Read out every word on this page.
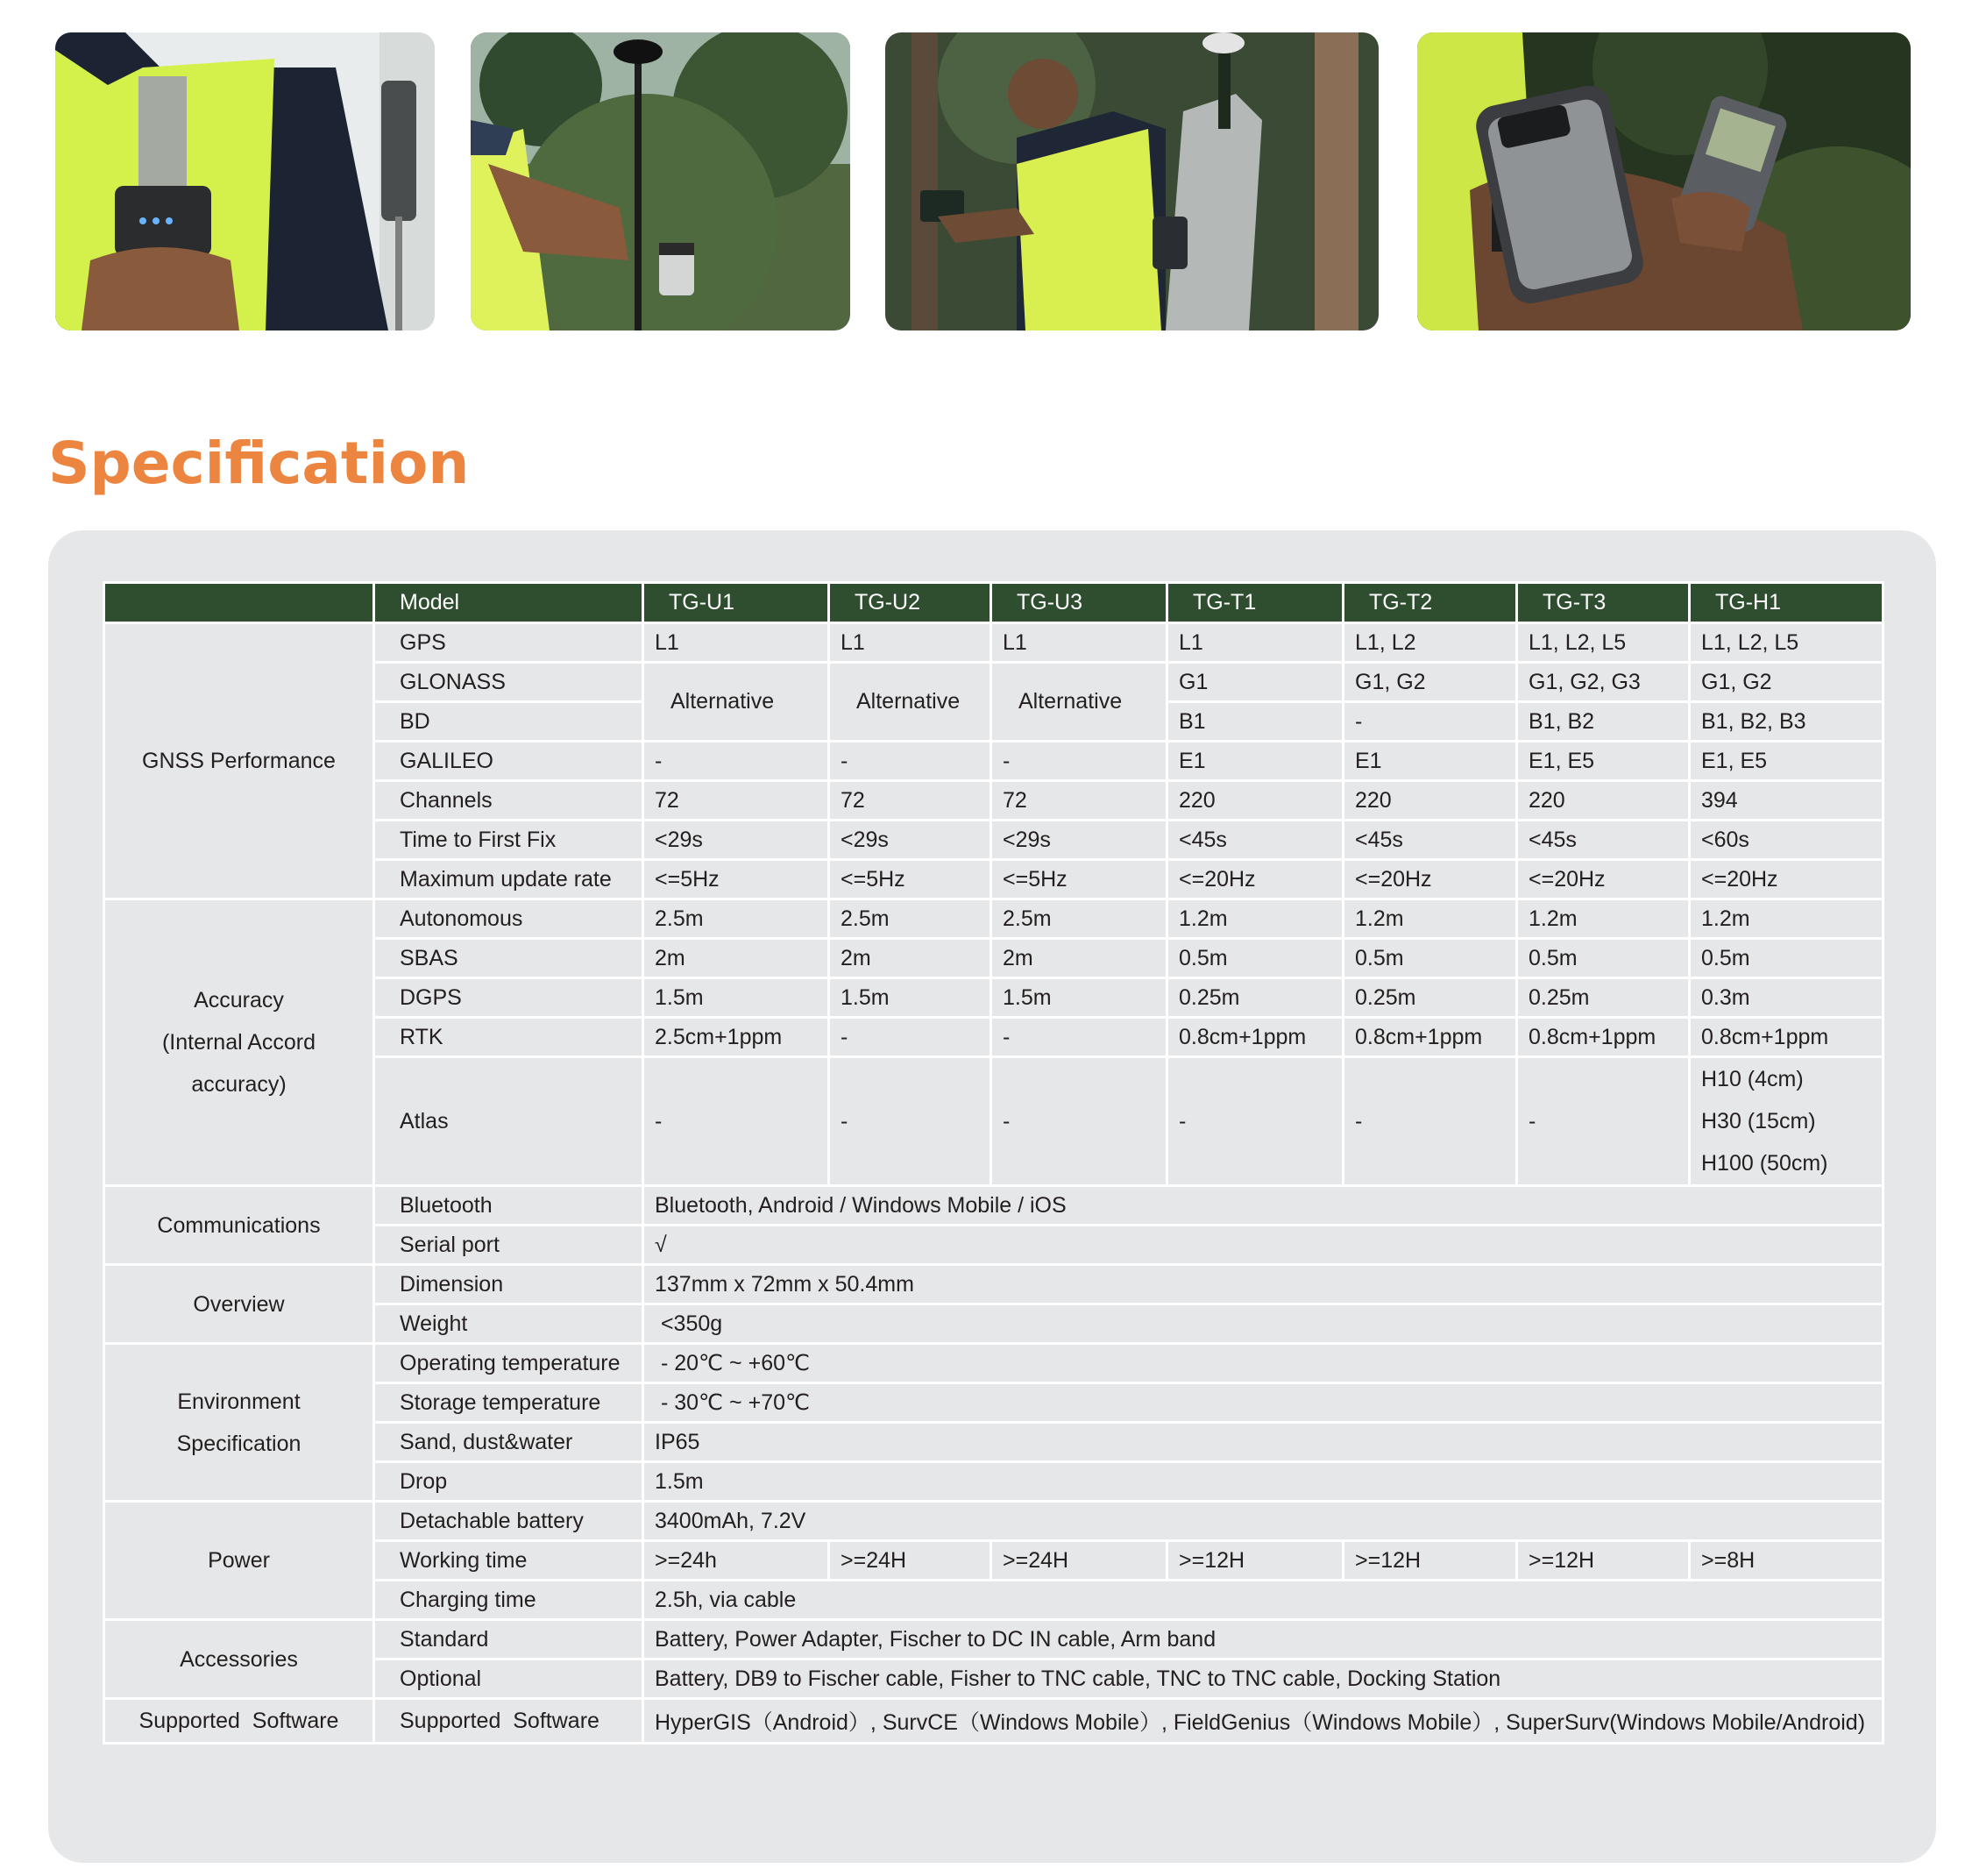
Specification
	Model	TG-U1	TG-U2	TG-U3	TG-T1	TG-T2	TG-T3	TG-H1
GNSS Performance	GPS	L1	L1	L1	L1	L1, L2	L1, L2, L5	L1, L2, L5
	GLONASS	Alternative	Alternative	Alternative	G1	G1, G2	G1, G2, G3	G1, G2
	BD				B1	-	B1, B2	B1, B2, B3
	GALILEO	-	-	-	E1	E1	E1, E5	E1, E5
	Channels	72	72	72	220	220	220	394
	Time to First Fix	<29s	<29s	<29s	<45s	<45s	<45s	<60s
	Maximum update rate	<=5Hz	<=5Hz	<=5Hz	<=20Hz	<=20Hz	<=20Hz	<=20Hz

Accuracy
(Internal Accord
accuracy)	Autonomous	2.5m	2.5m	2.5m	1.2m	1.2m	1.2m	1.2m
	SBAS	2m	2m	2m	0.5m	0.5m	0.5m	0.5m
	DGPS	1.5m	1.5m	1.5m	0.25m	0.25m	0.25m	0.3m
	RTK	2.5cm+1ppm	-	-	0.8cm+1ppm	0.8cm+1ppm	0.8cm+1ppm	0.8cm+1ppm
	Atlas	-	-	-	-	-	-	H10 (4cm)
H30 (15cm)
H100 (50cm)

Communications	Bluetooth	Bluetooth, Android / Windows Mobile / iOS						
	Serial port	√						
Overview	Dimension	137mm x 72mm x 50.4mm						
	Weight	<350g						

Environment
Specification	Operating temperature	- 20℃ ~ +60℃						
	Storage temperature	- 30℃ ~ +70℃						
	Sand, dust&water	IP65						
	Drop	1.5m						
Power	Detachable battery	3400mAh, 7.2V						
	Working time	>=24h	>=24H	>=24H	>=12H	>=12H	>=12H	>=8H
	Charging time	2.5h, via cable						
Accessories	Standard	Battery, Power Adapter, Fischer to DC IN cable, Arm band						
	Optional	Battery, DB9 to Fischer cable, Fisher to TNC cable, TNC to TNC cable, Docking Station						
Supported  Software	Supported  Software	HyperGIS（Android）, SurvCE（Windows Mobile）, FieldGenius（Windows Mobile）, SuperSurv(Windows Mobile/Android)						
